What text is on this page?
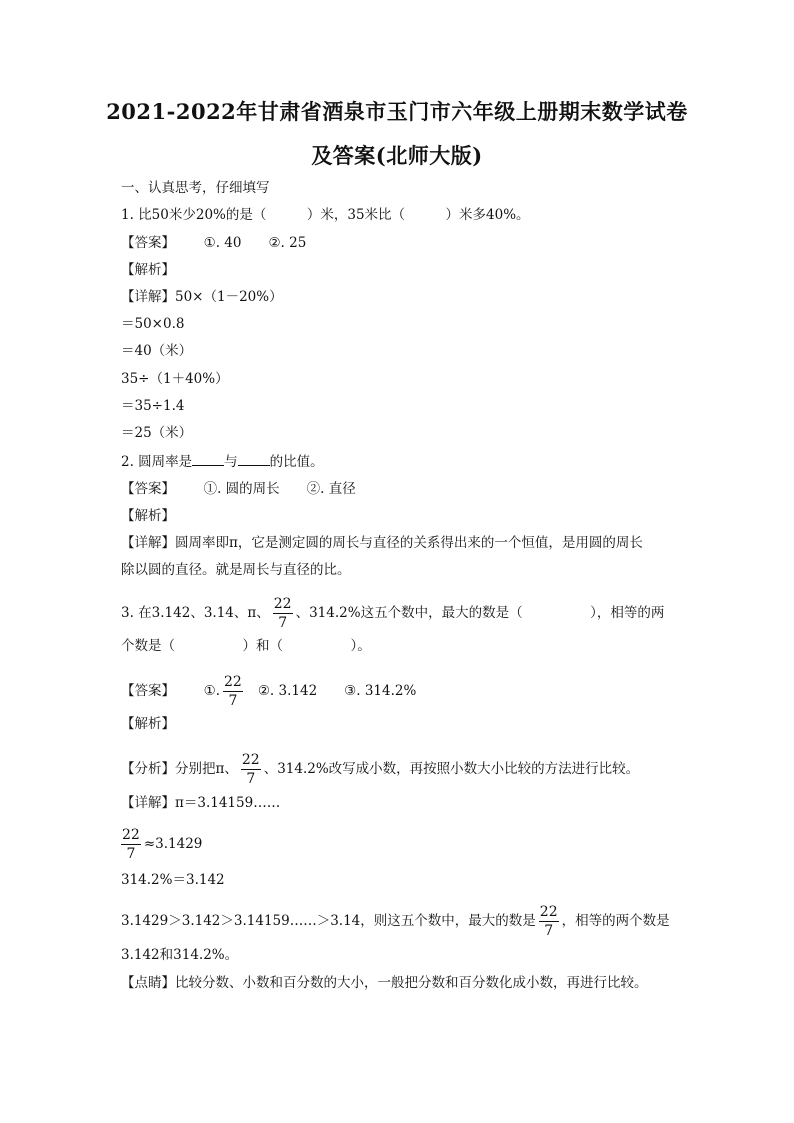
2021-2022年甘肃省酒泉市玉门市六年级上册期末数学试卷
及答案(北师大版)
一、认真思考，仔细填写
1. 比50米少20%的是（　　　）米，35米比（　　　）米多40%。
【答案】 ①. 40　　②. 25
【解析】
【详解】50×（1－20%）
＝50×0.8
＝40（米）
35÷（1＋40%）
＝35÷1.4
＝25（米）
2. 圆周率是 与 的比值。
【答案】 ①. 圆的周长　　②. 直径
【解析】
【详解】圆周率即π，它是测定圆的周长与直径的关系得出来的一个恒值，是用圆的周长
除以圆的直径。就是周长与直径的比。
3. 在3.142、3.14、π、 $\frac{22}{7}$ 、314.2%这五个数中，最大的数是（　　　　　），相等的两
个数是（　　　　　）和（　　　　　）。
【答案】 ①. $\frac{22}{7}$ ②. 3.142　　③. 314.2%
【解析】
【分析】分别把π、 $\frac{22}{7}$ 、314.2%改写成小数，再按照小数大小比较的方法进行比较。
【详解】π＝3.14159……
$\frac{22}{7} \approx 3.1429$
314.2%＝3.142
3.1429＞3.142＞3.14159……＞3.14，则这五个数中，最大的数是 $\frac{22}{7}$ ，相等的两个数是
3.142和314.2%。
【点睛】比较分数、小数和百分数的大小，一般把分数和百分数化成小数，再进行比较。
